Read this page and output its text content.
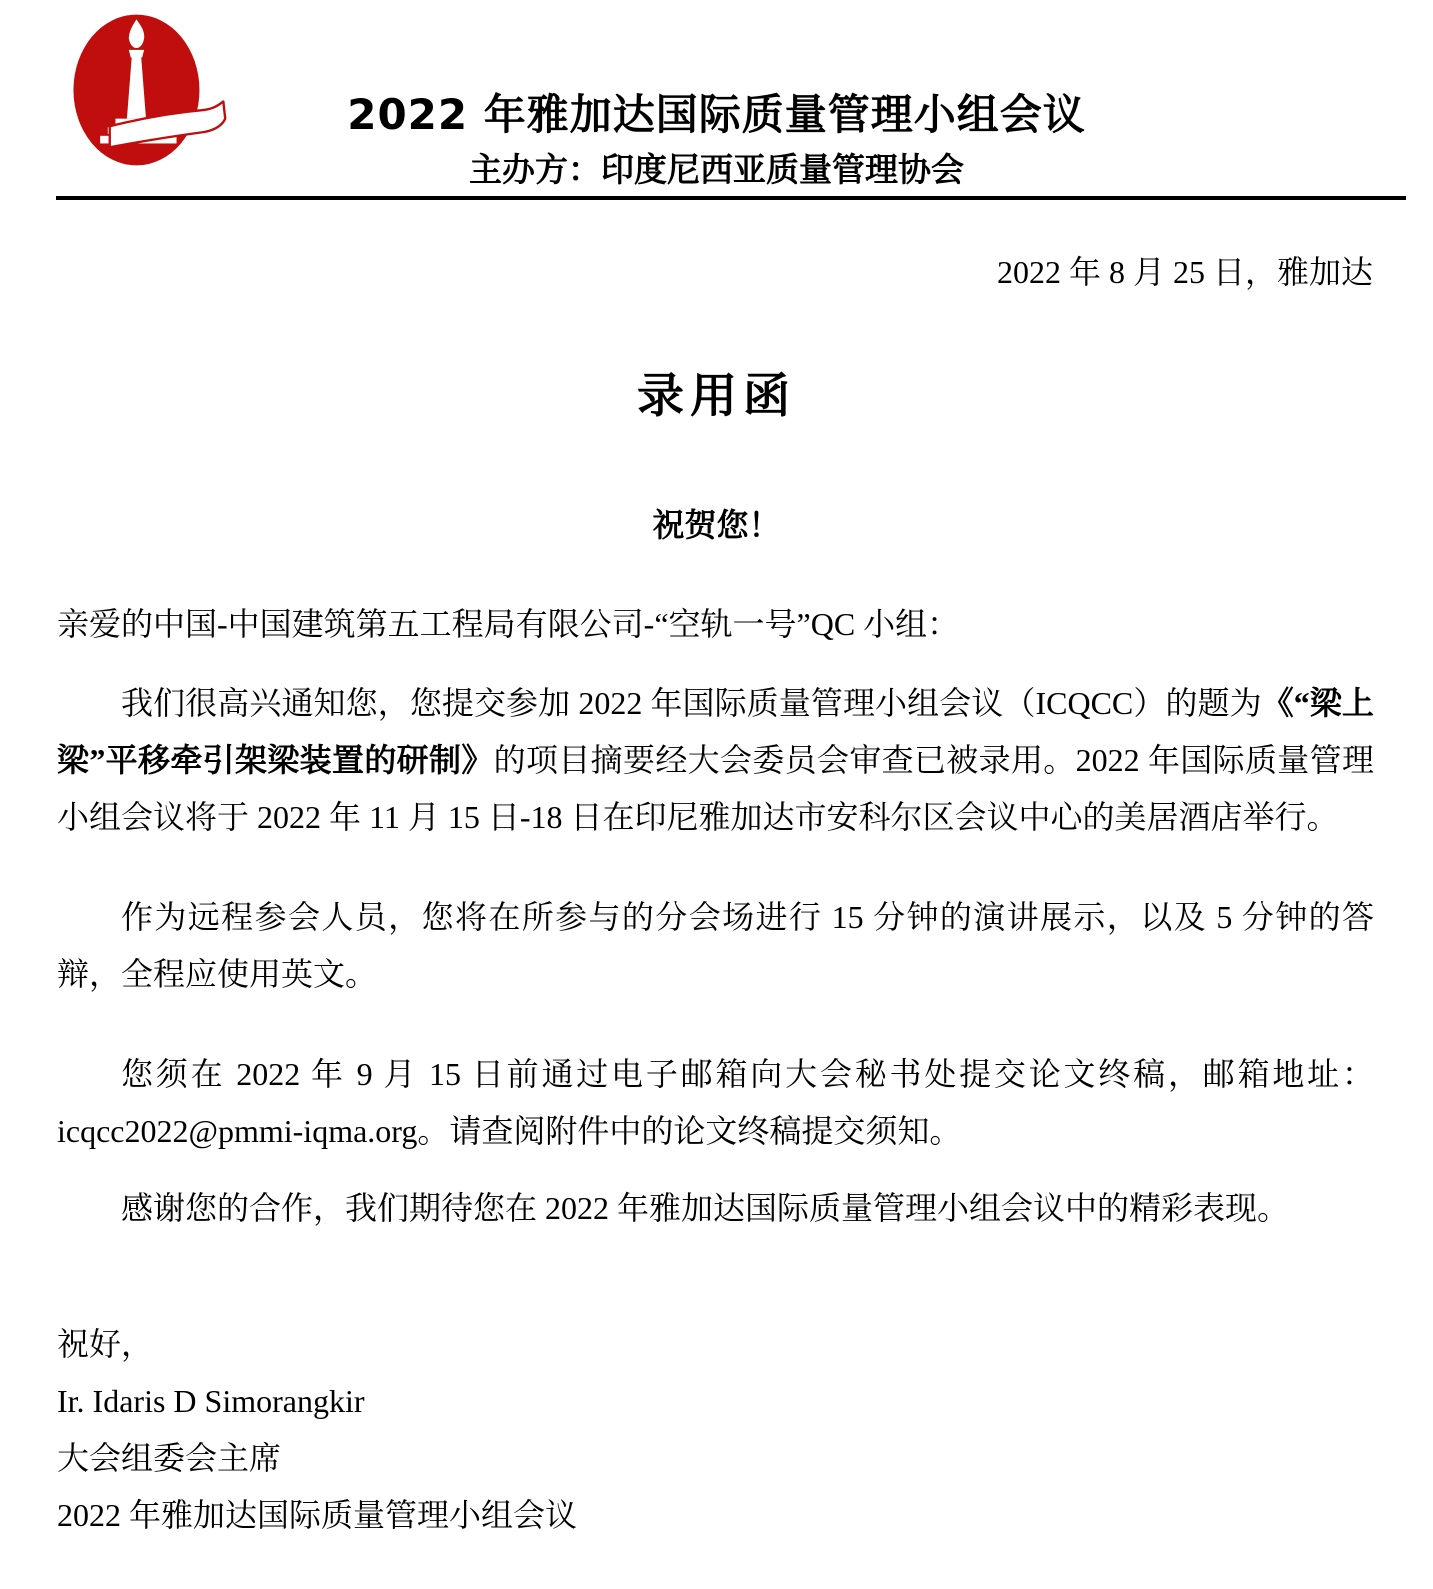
2022 年雅加达国际质量管理小组会议
主办方：印度尼西亚质量管理协会
2022 年 8 月 25 日，雅加达
录用函
祝贺您！
亲爱的中国-中国建筑第五工程局有限公司-“空轨一号”QC 小组：

我们很高兴通知您，您提交参加 2022 年国际质量管理小组会议（ICQCC）的题为《“梁上梁”平移牵引架梁装置的研制》的项目摘要经大会委员会审查已被录用。2022 年国际质量管理小组会议将于 2022 年 11 月 15 日-18 日在印尼雅加达市安科尔区会议中心的美居酒店举行。

作为远程参会人员，您将在所参与的分会场进行 15 分钟的演讲展示，以及 5 分钟的答辩，全程应使用英文。

您须在 2022 年 9 月 15 日前通过电子邮箱向大会秘书处提交论文终稿，邮箱地址：icqcc2022@pmmi-iqma.org。请查阅附件中的论文终稿提交须知。

感谢您的合作，我们期待您在 2022 年雅加达国际质量管理小组会议中的精彩表现。

祝好，
Ir. Idaris D Simorangkir
大会组委会主席
2022 年雅加达国际质量管理小组会议
